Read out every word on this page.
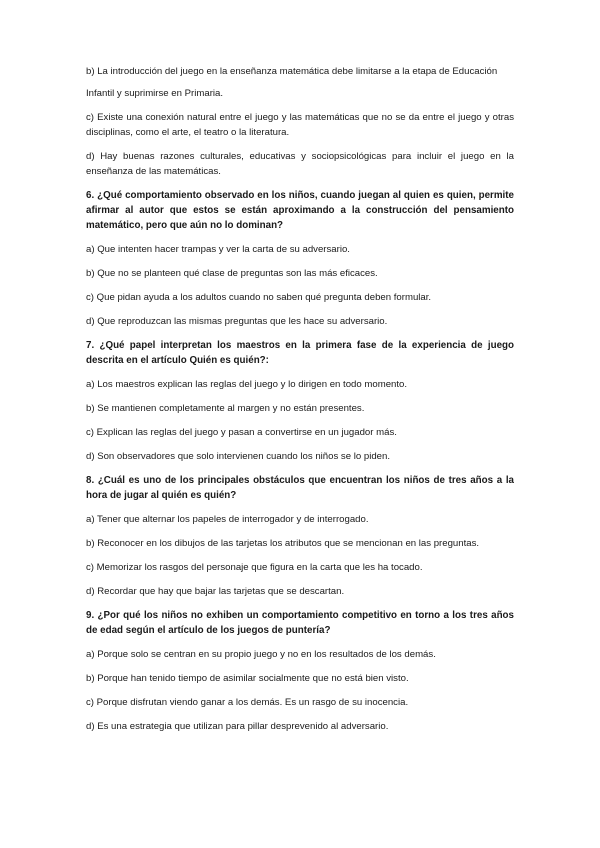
b) La introducción del juego en la enseñanza matemática debe limitarse a la etapa de Educación

Infantil y suprimirse en Primaria.

c) Existe una conexión natural entre el juego y las matemáticas que no se da entre el juego y otras disciplinas, como el arte, el teatro o la literatura.

d) Hay buenas razones culturales, educativas y sociopsicológicas para incluir el juego en la enseñanza de las matemáticas.

6. ¿Qué comportamiento observado en los niños, cuando juegan al quien es quien, permite afirmar al autor que estos se están aproximando a la construcción del pensamiento matemático, pero que aún no lo dominan?

a) Que intenten hacer trampas y ver la carta de su adversario.

b) Que no se planteen qué clase de preguntas son las más eficaces.

c) Que pidan ayuda a los adultos cuando no saben qué pregunta deben formular.

d) Que reproduzcan las mismas preguntas que les hace su adversario.

7. ¿Qué papel interpretan los maestros en la primera fase de la experiencia de juego descrita en el artículo Quién es quién?:

a) Los maestros explican las reglas del juego y lo dirigen en todo momento.

b) Se mantienen completamente al margen y no están presentes.

c) Explican las reglas del juego y pasan a convertirse en un jugador más.

d) Son observadores que solo intervienen cuando los niños se lo piden.

8. ¿Cuál es uno de los principales obstáculos que encuentran los niños de tres años a la hora de jugar al quién es quién?

a) Tener que alternar los papeles de interrogador y de interrogado.

b) Reconocer en los dibujos de las tarjetas los atributos que se mencionan en las preguntas.

c) Memorizar los rasgos del personaje que figura en la carta que les ha tocado.

d) Recordar que hay que bajar las tarjetas que se descartan.

9. ¿Por qué los niños no exhiben un comportamiento competitivo en torno a los tres años de edad según el artículo de los juegos de puntería?

a) Porque solo se centran en su propio juego y no en los resultados de los demás.

b) Porque han tenido tiempo de asimilar socialmente que no está bien visto.

c) Porque disfrutan viendo ganar a los demás. Es un rasgo de su inocencia.

d) Es una estrategia que utilizan para pillar desprevenido al adversario.
